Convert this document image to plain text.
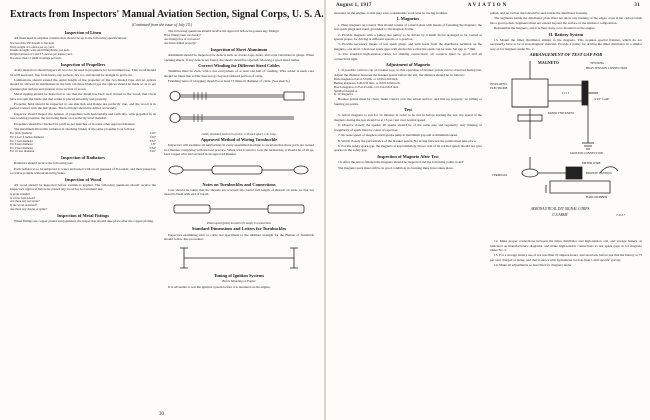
Extracts from Inspectors' Manual Aviation Section, Signal Corps, U. S. A.
(Continued from the issue of July 15.)
Inspection of Linen

All linen used in airplane construction should be up to the following specifications:

Not less than 150 threads to the inch.
Warp weight 4.5 ounces per sq. yard.
Tensile strength, warp and filling 80 lbs. per inch.
Weight between 4.5 and 5.5 ounces per square yard.
Not more than 11 small crossings per inch.
Inspection of Propellers

Army inspectors should inspect all wood to be used in propellers for Government use. This wood should be well seasoned, free from knots, sap pockets, dry rot, and should be straight in grain-cut.

Laminations should extend the entire length of the propeller of the two-bladed type and no splices should be allowed in laminations in the hub. On three-bladed type the splices should be made so as to get greatest glue surface and greatest cross section of wood.

Metal tipping should be inspected to see that the metal has been well riveted to the wood, that rivets have not split the blade and that solder is placed smoothly and properly.

Propeller hubs should be inspected to see that hub and flange are perfectly true, and the wood is in perfect contact with the hub plates. The bolt holes should be drilled accurately.

Inspector should inspect the balance of propellers both horizontally and vertically, with propeller in its true working position, the test being made on a perfectly level mandrel.

Propellers should be checked for pitch as per sketches or in some other approved manner.

The maximum allowable variation in checking blades of the same propeller is as follows:

For pitch diameter	1/16"
For 4 foot 6 inches diameter	1/16"
For 7 feet diameter	3/32"
For 8 feet diameter	1/8"
For 9 feet diameter	5/32"
For 10 feet diameter	3/16"
Inspection of Radiators

Radiators should receive the following test:

Each radiator is to be subjected to water and tested with an air pressure of 8 pounds, and then passed up to twelve pounds without showing leaks.

Inspection of Wood

All wood should be inspected before varnish is applied. The following questions should receive the inspector's approval before he passes any wood for Government use:

Is grain straight?
Is it free from knots?
Are there any wet spots?
Is the wood seasoned?
Are there any checks or splits?
Inspection of Metal Fittings

When fittings are copper plated and japanned, the inspection should take place after the copper plating.

The following questions should receive his approval before he passes any fittings:

Have fittings been cut cleanly?
Are fittings free of corrosion?
Are holes drilled properly?
Inspection of Sheet Aluminum

Aluminum should be inspected for defects such as cracks, laps, dents, and scale variations in gauge. When opening sheets, if any defects are found, the sheets should be rejected, allowing a good-sized radius.

Correct Winding for Different Sized Cables

Thimbles must be even, with a rise everywhere of at least one half of winding. Wire solder is used, care should be taken that solder does not go beyond soldered portion of cable.

Finishing turns of wrapping should be at least 15 times in diameter of cable. (See sketch.)

Cable, stranded, each turn of wire, 1/16 inch apart, 1-in. long.
Approved Method of Wiring Turnbuckle

Inspectors will examine all turnbuckles in every assembled machine to ascertain that these parts are locked in a manner complying with the best practice. When wire is used to lock the turnbuckle, it should be of 20 ga. hard copper wire and secured in an approved manner.

Notes on Turnbuckles and Connections

Care should be taken that the threads are screwed into barrel full length of threads on ends, so that not thread is flush with end of barrel.

Piston spool (pilot) turned to fit snugly in connection.
Standard Dimensions and Letters for Turnbuckles

Inspectors examining wire or cable test specimens to the ultimate strength for the Bureau of Standards should follow this procedure:

Tuning of Ignition Systems
Before Mounting on Engine

It is advisable to test the ignition system before it is mounted on the engine.

30
August 1, 1917	AVIATION	31

mounted on the engine, as this may save considerable work later in tracing troubles.

I. Magnetos

1. Hasp magneto on a stand. This should consist of a metal plate with means of fastening the magneto, the test spark plugs and stand, grounded to the magneto frame.

2. Provide magneto with a pulley, the pulley to be driven by a small motor arranged to be rotated at speeds proper for driving at different speeds, or a gearbox.

3. Provide necessary means of test spark plugs, and with leads from the distributor terminal on the magneto, one short. Clean test spark gaps with electrodes so that the spark can be seen. Set gap to 7 mm.

4. Use standard high-tension cables for making connections; all contacts must be good and all connections tight.

Adjustment of Magneto

1. If possible, remove cap on breaker box, so that operation of breaker points can be observed during test. Adjust the distance between the breaker points before the test, the distance should be as follows:

Dixie magnetos, 0.41-0.51 mm., or 0.016-0.020 inch.
Berling magnetos, 0.40-0.50 mm., or 0.016-0.020 inch.
Bosch magnetos, 0.35-0.45 mm., or 0.014-0.018 inch.
Splitdorf magnetos.
K. W. magnetos.

Breaker points must be clean, make contact over the whole surface, and line up properly; no pitting or burning on points.

Test

5. Allow magneto to run for 10 minutes in order to be run in before starting the test, the speed of the magneto during the test should be at 15 per cent over normal speed.

6. Observe closely the sparks; all sparks should be of the same size and regularity. Any missing or irregularity of spark must be cause of rejection.

7. Increase speed of magneto until sparks jump at maximum gap and at minimum speed.

8. Watch closely the performance of the breaker points. No arcing between the points must take place.

9. For the safety spark gap, the magneto at approximately 50 per cent of its normal speed, should not give sparks on the safety gap.

Inspection of Magneto After Test

10. After the test is finished the magneto should be inspected and the following points noted:

The magneto parts must still be in good condition; no burning must have taken place.

polish, and no carbon dust should be seen inside the distributor housing.

The segments inside the distributor plate must not show any burning of the edges, even if the carbon brush has a good polish. Segments must not extend beyond the surface of the insulator composition.

Reassemble the magneto, and it is then ready to be mounted on the engine.

II. Battery System

13. Mount the timer distributor similar to the magneto. This requires special fixtures, which do not necessarily have to be of non-magnetic material. Provide a pulley for driving the timer distributor in a similar way as for magneto under No. 2.

ARRANGEMENT OF TEST GAP FOR
MAGNETO	TESTING
HIGH TENSION CONNECTION
INSULATED ELECTRODE
3/16" GAP
PAPER THICKNESS
GROUND CONNECTION
METER WIRE
TERMINAL	BRONZE CASTING
HARD RUBBER
AERONAUTICAL DIV. SIGNAL CORPS
U.S.ARMY	7-9-17

12. Make proper connections between the timer distributor and high-tension coil, and storage battery, as indicated on manufacturer's diagrams, and make high-tension connections to test spark gaps as for magneto under No. 3.

13. For a storage battery use of not less than 10 ampere-hours, and ascertain, before test that the battery is 75 per cent charged or better, and that it shows with hydrometer not less than 1,200 specific gravity.

14. Make all adjustments as described for magneto under
